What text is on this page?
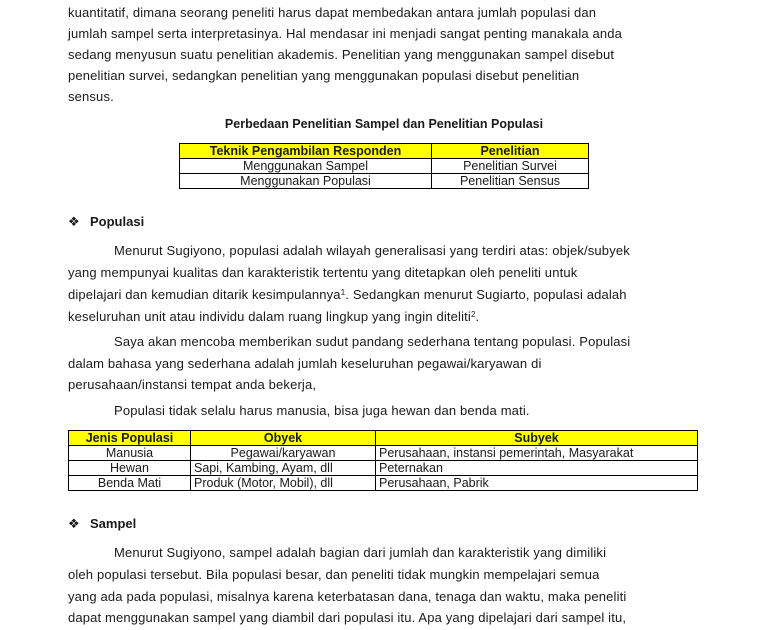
kuantitatif, dimana seorang peneliti harus dapat membedakan antara jumlah populasi dan
jumlah sampel serta interpretasinya. Hal mendasar ini menjadi sangat penting manakala anda
sedang menyusun suatu penelitian akademis. Penelitian yang menggunakan sampel disebut
penelitian survei, sedangkan penelitian yang menggunakan populasi disebut penelitian
sensus.
Perbedaan Penelitian Sampel dan Penelitian Populasi
Teknik Pengambilan Responden	Penelitian
Menggunakan Sampel	Penelitian Survei
Menggunakan Populasi	Penelitian Sensus
❖ Populasi
Menurut Sugiyono, populasi adalah wilayah generalisasi yang terdiri atas: objek/subyek
yang mempunyai kualitas dan karakteristik tertentu yang ditetapkan oleh peneliti untuk
dipelajari dan kemudian ditarik kesimpulannya$^1$. Sedangkan menurut Sugiarto, populasi adalah
keseluruhan unit atau individu dalam ruang lingkup yang ingin diteliti$^2$.
Saya akan mencoba memberikan sudut pandang sederhana tentang populasi. Populasi
dalam bahasa yang sederhana adalah jumlah keseluruhan pegawai/karyawan di
perusahaan/instansi tempat anda bekerja,
Populasi tidak selalu harus manusia, bisa juga hewan dan benda mati.
Jenis Populasi	Obyek	Subyek
Manusia	Pegawai/karyawan	Perusahaan, instansi pemerintah, Masyarakat
Hewan	Sapi, Kambing, Ayam, dll	Peternakan
Benda Mati	Produk (Motor, Mobil), dll	Perusahaan, Pabrik
❖ Sampel
Menurut Sugiyono, sampel adalah bagian dari jumlah dan karakteristik yang dimiliki
oleh populasi tersebut. Bila populasi besar, dan peneliti tidak mungkin mempelajari semua
yang ada pada populasi, misalnya karena keterbatasan dana, tenaga dan waktu, maka peneliti
dapat menggunakan sampel yang diambil dari populasi itu. Apa yang dipelajari dari sampel itu,
